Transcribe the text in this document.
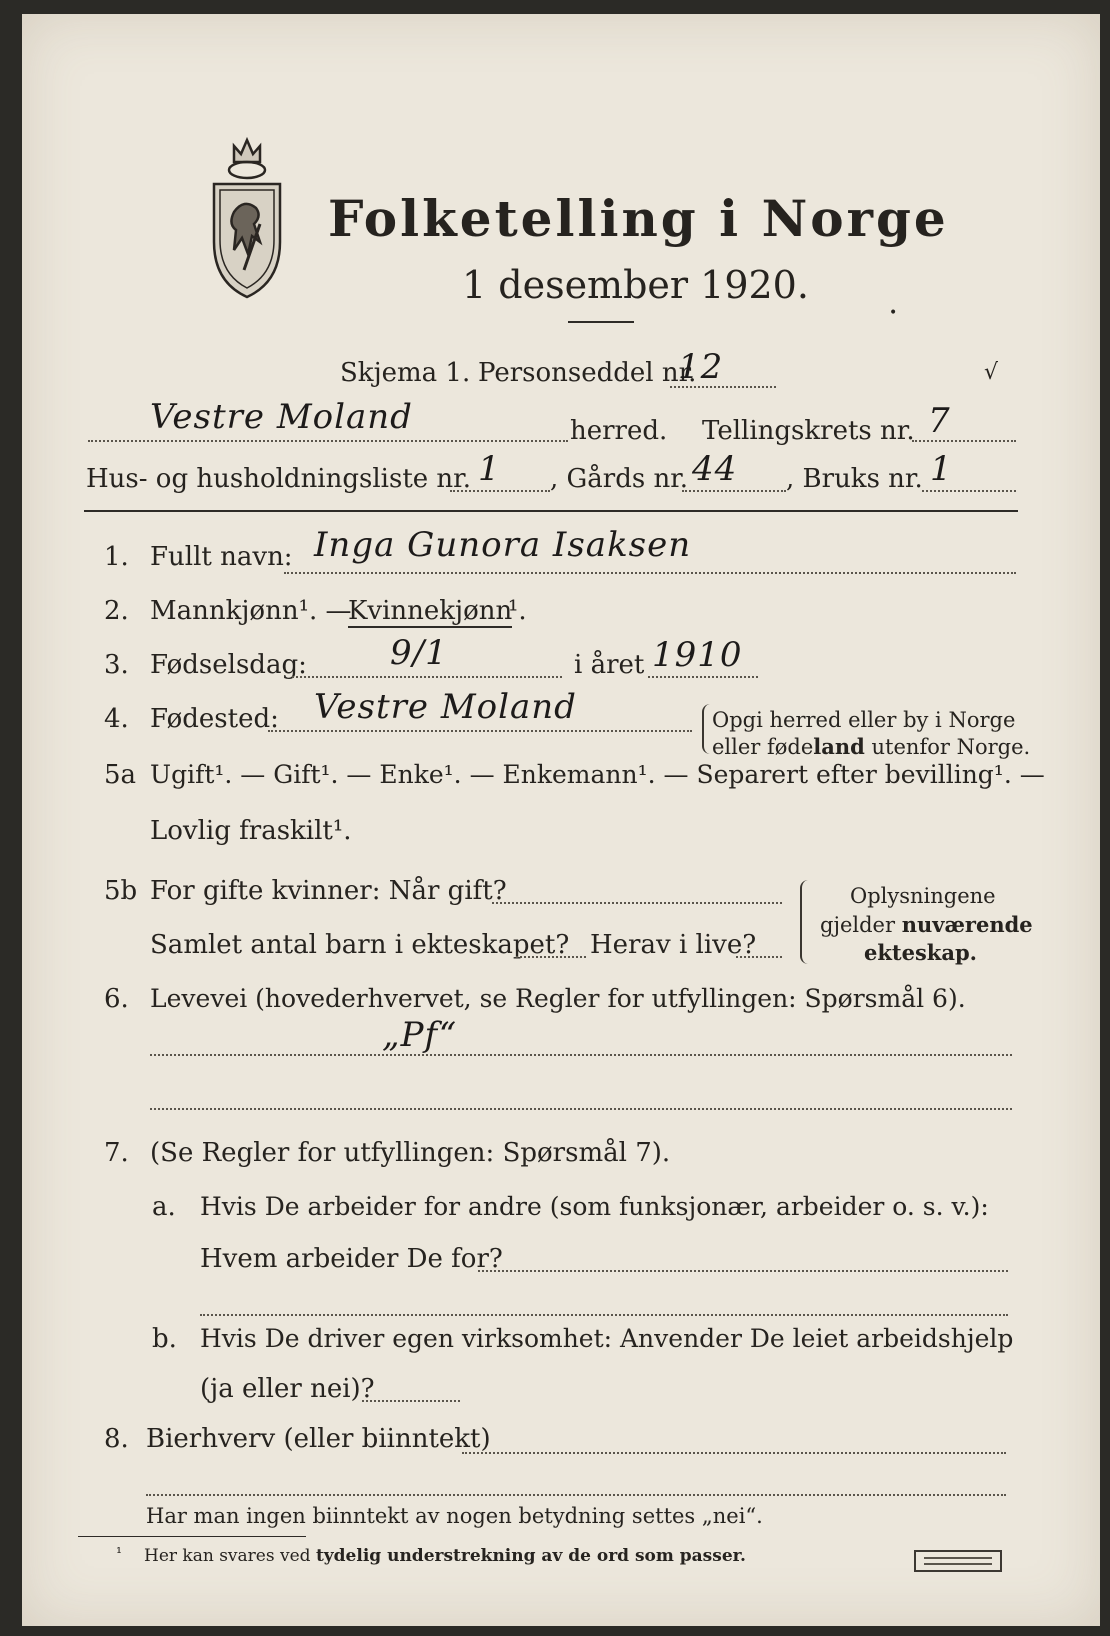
Folketelling i Norge
1 desember 1920.
•
Skjema 1. Personseddel nr.
12	√
Vestre Moland	herred. Tellingskrets nr. 7
Hus- og husholdningsliste nr. 1 , Gårds nr. 44 , Bruks nr. 1
1. Fullt navn: Inga Gunora Isaksen
2. Mannkjønn¹. —
Kvinnekjønn
¹.
3. Fødselsdag: 9/1	i året 1910
4. Fødested: Vestre Moland	Opgi herred eller by i Norge
eller fødeland utenfor Norge.
5a Ugift¹. — Gift¹. — Enke¹. — Enkemann¹. — Separert efter bevilling¹. —
Lovlig fraskilt¹.
5b For gifte kvinner: Når gift?
Samlet antal barn i ekteskapet? Herav i live?
Oplysningene
gjelder nuværende
ekteskap.
6. Levevei (hovederhvervet, se Regler for utfyllingen: Spørsmål 6).
„Pf“
7. (Se Regler for utfyllingen: Spørsmål 7).
a. Hvis De arbeider for andre (som funksjonær, arbeider o. s. v.):
Hvem arbeider De for?
b. Hvis De driver egen virksomhet: Anvender De leiet arbeidshjelp
(ja eller nei)?
8. Bierhverv (eller biinntekt)
Har man ingen biinntekt av nogen betydning settes „nei“.
¹ Her kan svares ved tydelig understrekning av de ord som passer.
